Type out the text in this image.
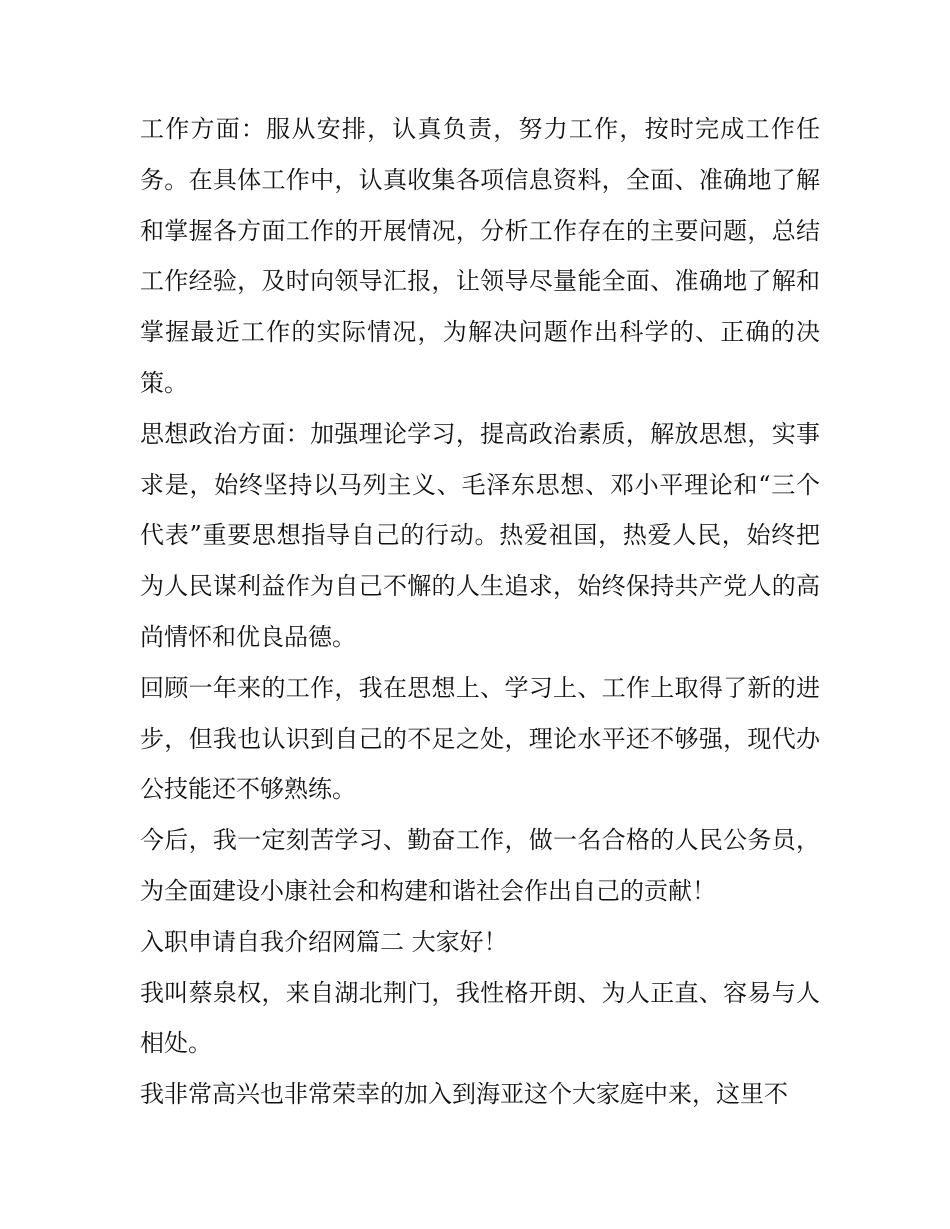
工作方面：服从安排，认真负责，努力工作，按时完成工作任务。在具体工作中，认真收集各项信息资料，全面、准确地了解和掌握各方面工作的开展情况，分析工作存在的主要问题，总结工作经验，及时向领导汇报，让领导尽量能全面、准确地了解和掌握最近工作的实际情况，为解决问题作出科学的、正确的决策。

思想政治方面：加强理论学习，提高政治素质，解放思想，实事求是，始终坚持以马列主义、毛泽东思想、邓小平理论和“三个代表”重要思想指导自己的行动。热爱祖国，热爱人民，始终把为人民谋利益作为自己不懈的人生追求，始终保持共产党人的高尚情怀和优良品德。

回顾一年来的工作，我在思想上、学习上、工作上取得了新的进步，但我也认识到自己的不足之处，理论水平还不够强，现代办公技能还不够熟练。

今后，我一定刻苦学习、勤奋工作，做一名合格的人民公务员，为全面建设小康社会和构建和谐社会作出自己的贡献！

入职申请自我介绍网篇二 大家好！

我叫蔡泉权，来自湖北荆门，我性格开朗、为人正直、容易与人相处。

我非常高兴也非常荣幸的加入到海亚这个大家庭中来，这里不
